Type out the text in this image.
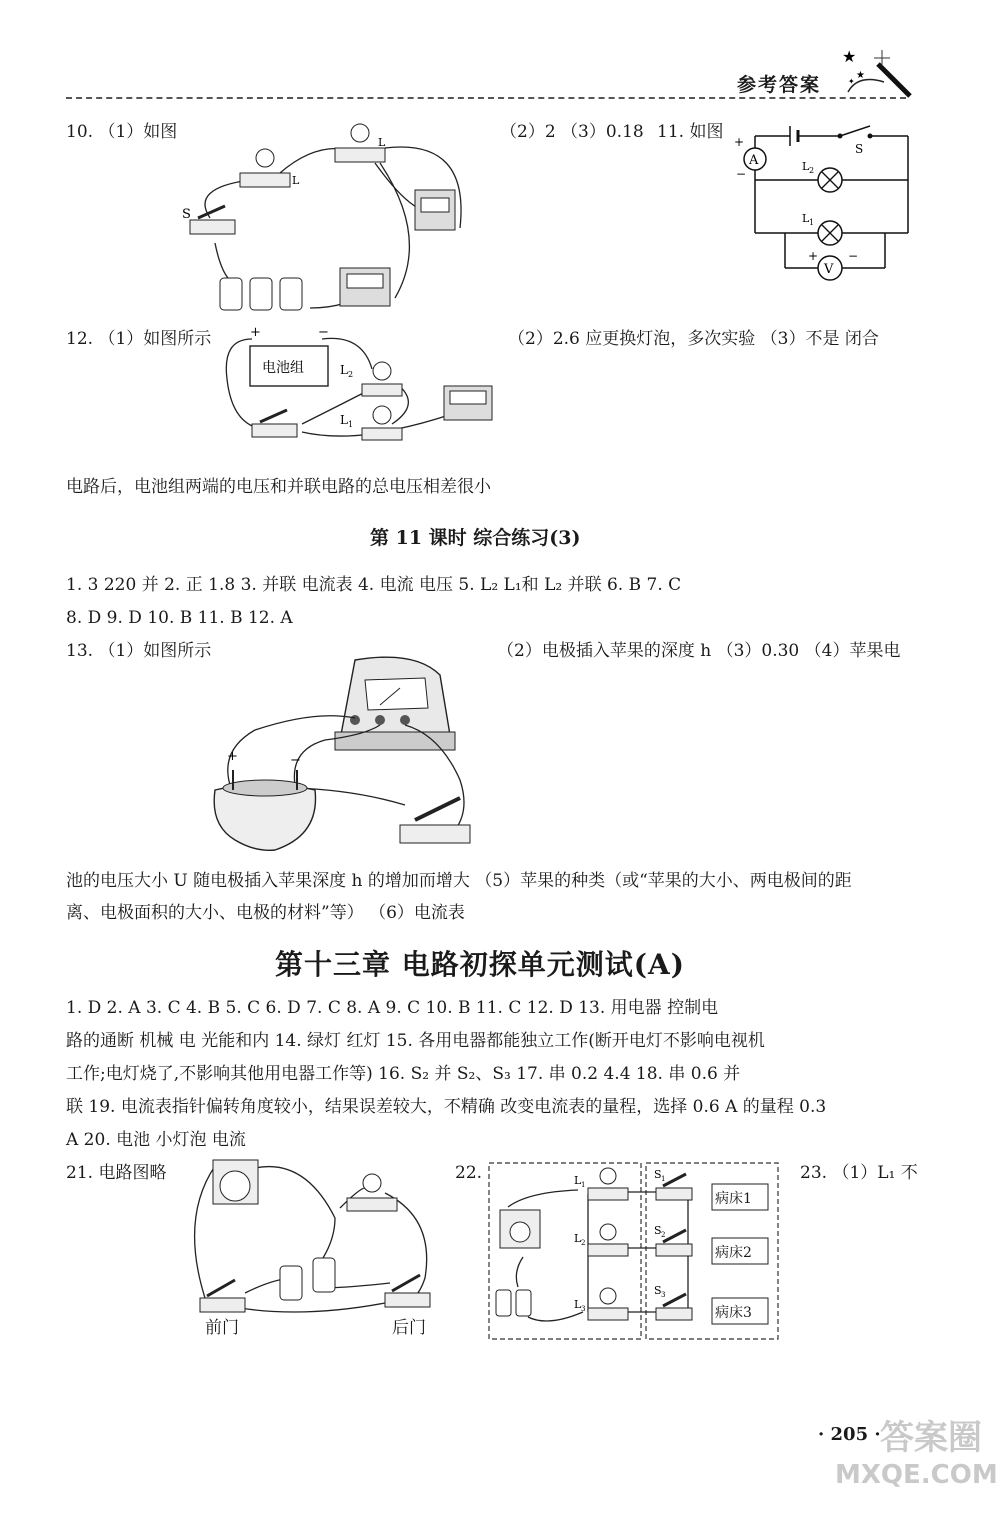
参考答案
★
★
✦
10. （1）如图
L
L
S
（2）2 （3）0.18 11. 如图
A
V
S
L 2
L 1
+
−
+ −
12. （1）如图所示	+	−
电池组	L 2
L 1
（2）2.6 应更换灯泡，多次实验 （3）不是 闭合
电路后，电池组两端的电压和并联电路的总电压相差很小
第 11 课时 综合练习(3)
1. 3 220 并 2. 正 1.8 3. 并联 电流表 4. 电流 电压 5. L₂ L₁和 L₂ 并联 6. B 7. C
8. D 9. D 10. B 11. B 12. A
13. （1）如图所示	（2）电极插入苹果的深度 h （3）0.30 （4）苹果电
+	−
池的电压大小 U 随电极插入苹果深度 h 的增加而增大 （5）苹果的种类（或“苹果的大小、两电极间的距
离、电极面积的大小、电极的材料”等） （6）电流表
第十三章 电路初探单元测试(A)
1. D 2. A 3. C 4. B 5. C 6. D 7. C 8. A 9. C 10. B 11. C 12. D 13. 用电器 控制电
路的通断 机械 电 光能和内 14. 绿灯 红灯 15. 各用电器都能独立工作(断开电灯不影响电视机
工作;电灯烧了,不影响其他用电器工作等) 16. S₂ 并 S₂、S₃ 17. 串 0.2 4.4 18. 串 0.6 并
联 19. 电流表指针偏转角度较小，结果误差较大，不精确 改变电流表的量程，选择 0.6 A 的量程 0.3
A 20. 电池 小灯泡 电流
21. 电路图略
前门	后门
22.	L 1
L 2
L 3
S 1
S 2
S 3
病床1
病床2
病床3
23. （1）L₁ 不
· 205 · 答案圈
MXQE.COM
